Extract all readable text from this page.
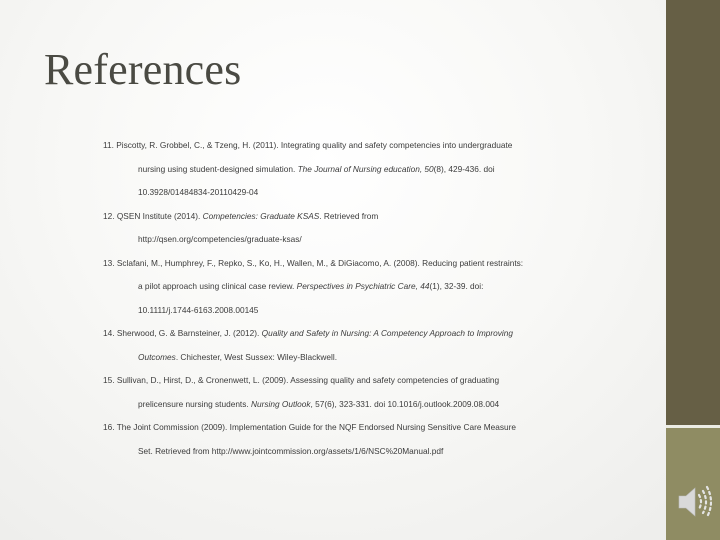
References
11. Piscotty, R. Grobbel, C., & Tzeng, H. (2011). Integrating quality and safety competencies into undergraduate
nursing using student-designed simulation. The Journal of Nursing education, 50(8), 429-436. doi
10.3928/01484834-20110429-04
12. QSEN Institute (2014). Competencies: Graduate KSAS. Retrieved from
http://qsen.org/competencies/graduate-ksas/
13. Sclafani, M., Humphrey, F., Repko, S., Ko, H., Wallen, M., & DiGiacomo, A. (2008). Reducing patient restraints:
a pilot approach using clinical case review. Perspectives in Psychiatric Care, 44(1), 32-39. doi:
10.1111/j.1744-6163.2008.00145
14. Sherwood, G. & Barnsteiner, J. (2012). Quality and Safety in Nursing: A Competency Approach to Improving
Outcomes. Chichester, West Sussex: Wiley-Blackwell.
15. Sullivan, D., Hirst, D., & Cronenwett, L. (2009). Assessing quality and safety competencies of graduating
prelicensure nursing students. Nursing Outlook, 57(6), 323-331. doi 10.1016/j.outlook.2009.08.004
16. The Joint Commission (2009). Implementation Guide for the NQF Endorsed Nursing Sensitive Care Measure
Set. Retrieved from http://www.jointcommission.org/assets/1/6/NSC%20Manual.pdf
